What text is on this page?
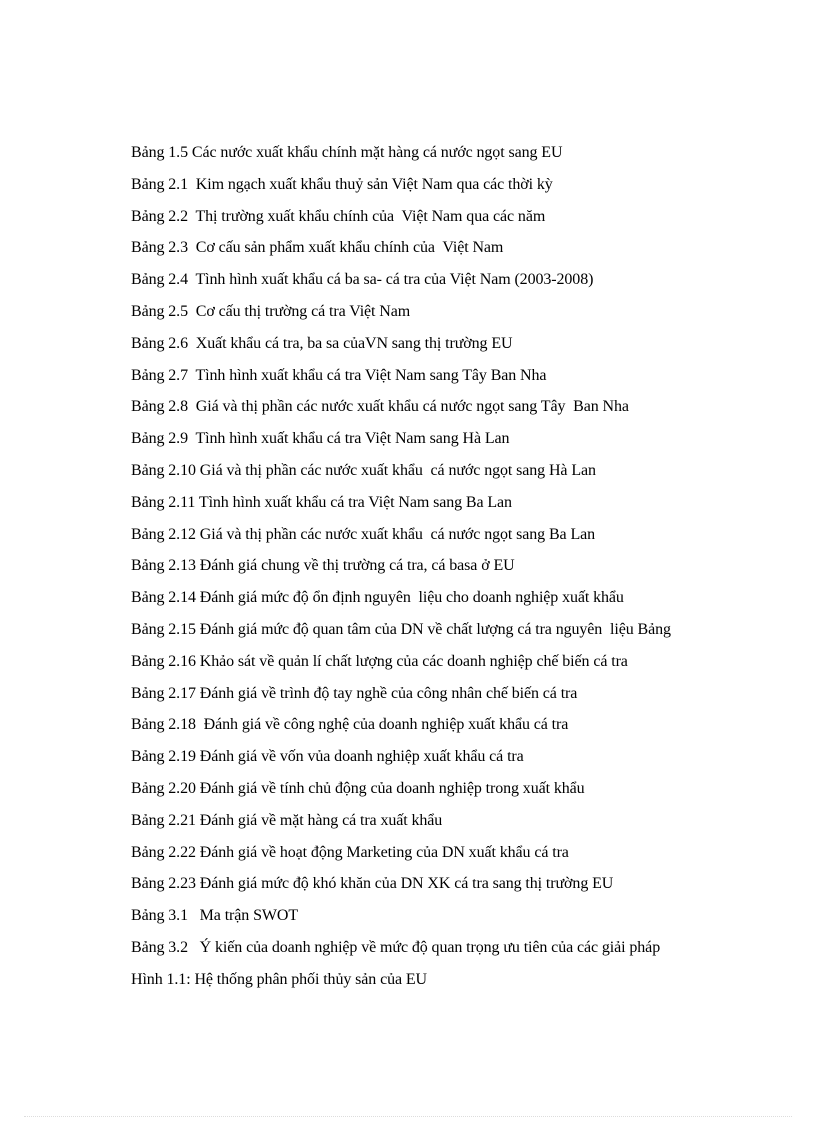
Bảng 1.5 Các nước xuất khẩu chính mặt hàng cá nước ngọt sang EU
Bảng 2.1  Kim ngạch xuất khẩu thuỷ sản Việt Nam qua các thời kỳ
Bảng 2.2  Thị trường xuất khẩu chính của  Việt Nam qua các năm
Bảng 2.3  Cơ cấu sản phẩm xuất khẩu chính của  Việt Nam
Bảng 2.4  Tình hình xuất khẩu cá ba sa- cá tra của Việt Nam (2003-2008)
Bảng 2.5  Cơ cấu thị trường cá tra Việt Nam
Bảng 2.6  Xuất khẩu cá tra, ba sa củaVN sang thị trường EU
Bảng 2.7  Tình hình xuất khẩu cá tra Việt Nam sang Tây Ban Nha
Bảng 2.8  Giá và thị phần các nước xuất khẩu cá nước ngọt sang Tây  Ban Nha
Bảng 2.9  Tình hình xuất khẩu cá tra Việt Nam sang Hà Lan
Bảng 2.10 Giá và thị phần các nước xuất khẩu  cá nước ngọt sang Hà Lan
Bảng 2.11 Tình hình xuất khẩu cá tra Việt Nam sang Ba Lan
Bảng 2.12 Giá và thị phần các nước xuất khẩu  cá nước ngọt sang Ba Lan
Bảng 2.13 Đánh giá chung về thị trường cá tra, cá basa ở EU
Bảng 2.14 Đánh giá mức độ ổn định nguyên  liệu cho doanh nghiệp xuất khẩu
Bảng 2.15 Đánh giá mức độ quan tâm của DN về chất lượng cá tra nguyên  liệu Bảng
Bảng 2.16 Khảo sát về quản lí chất lượng của các doanh nghiệp chế biến cá tra
Bảng 2.17 Đánh giá về trình độ tay nghề của công nhân chế biến cá tra
Bảng 2.18  Đánh giá về công nghệ của doanh nghiệp xuất khẩu cá tra
Bảng 2.19 Đánh giá về vốn vủa doanh nghiệp xuất khẩu cá tra
Bảng 2.20 Đánh giá về tính chủ động của doanh nghiệp trong xuất khẩu
Bảng 2.21 Đánh giá về mặt hàng cá tra xuất khẩu
Bảng 2.22 Đánh giá về hoạt động Marketing của DN xuất khẩu cá tra
Bảng 2.23 Đánh giá mức độ khó khăn của DN XK cá tra sang thị trường EU
Bảng 3.1   Ma trận SWOT
Bảng 3.2   Ý kiến của doanh nghiệp về mức độ quan trọng ưu tiên của các giải pháp
Hình 1.1: Hệ thống phân phối thủy sản của EU
